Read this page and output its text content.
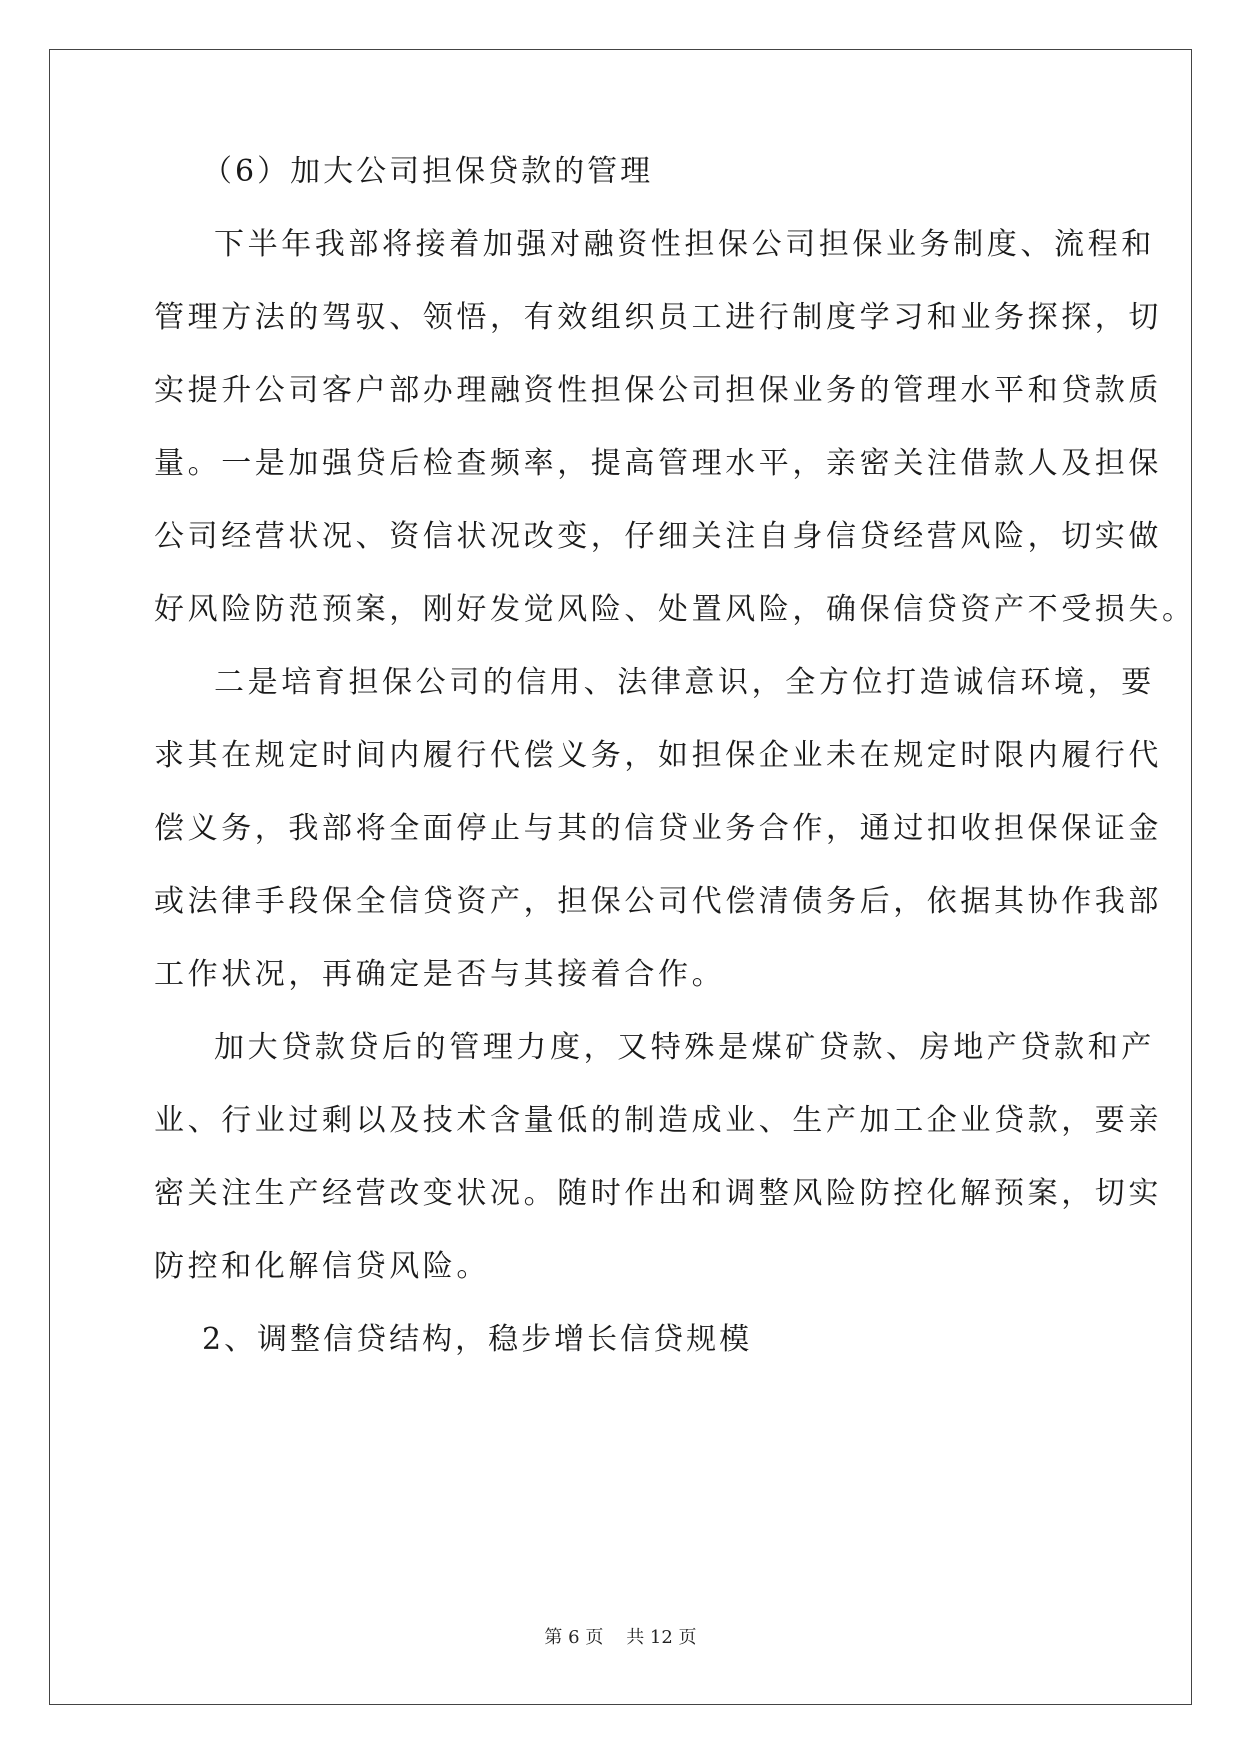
（6）加大公司担保贷款的管理
下半年我部将接着加强对融资性担保公司担保业务制度、流程和
管理方法的驾驭、领悟，有效组织员工进行制度学习和业务探探，切
实提升公司客户部办理融资性担保公司担保业务的管理水平和贷款质
量。一是加强贷后检查频率，提高管理水平，亲密关注借款人及担保
公司经营状况、资信状况改变，仔细关注自身信贷经营风险，切实做
好风险防范预案，刚好发觉风险、处置风险，确保信贷资产不受损失。
二是培育担保公司的信用、法律意识，全方位打造诚信环境，要
求其在规定时间内履行代偿义务，如担保企业未在规定时限内履行代
偿义务，我部将全面停止与其的信贷业务合作，通过扣收担保保证金
或法律手段保全信贷资产，担保公司代偿清债务后，依据其协作我部
工作状况，再确定是否与其接着合作。
加大贷款贷后的管理力度，又特殊是煤矿贷款、房地产贷款和产
业、行业过剩以及技术含量低的制造成业、生产加工企业贷款，要亲
密关注生产经营改变状况。随时作出和调整风险防控化解预案，切实
防控和化解信贷风险。
2、调整信贷结构，稳步增长信贷规模
第 6 页    共 12 页
